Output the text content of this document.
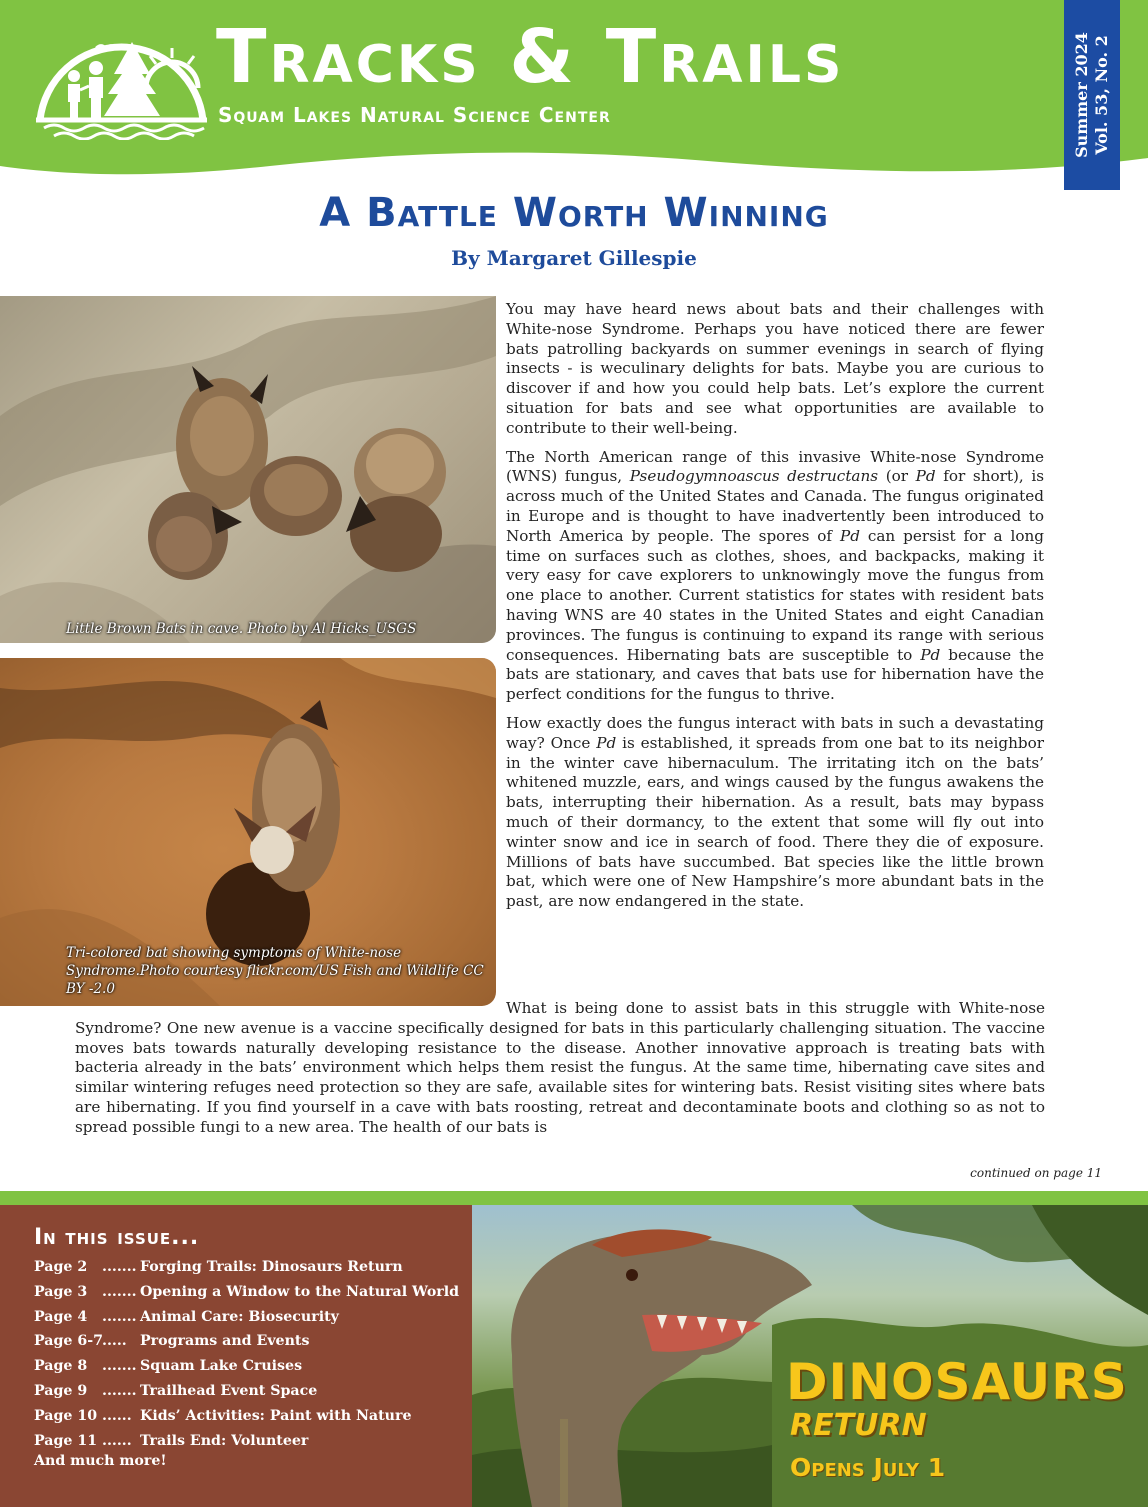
Tracks & Trails
Squam Lakes Natural Science Center	Summer 2024 Vol. 53, No. 2
A Battle Worth Winning
By Margaret Gillespie
Little Brown Bats in cave. Photo by Al Hicks_USGS
Tri-colored bat showing symptoms of White-nose Syndrome.Photo courtesy flickr.com/US Fish and Wildlife CC BY -2.0

You may have heard news about bats and their challenges with White-nose Syndrome. Perhaps you have noticed there are fewer bats patrolling backyards on summer evenings in search of flying insects - is weculinary delights for bats. Maybe you are curious to discover if and how you could help bats. Let’s explore the current situation for bats and see what opportunities are available to contribute to their well-being.

The North American range of this invasive White-nose Syndrome (WNS) fungus, Pseudogymnoascus destructans (or Pd for short), is across much of the United States and Canada. The fungus originated in Europe and is thought to have inadvertently been introduced to North America by people. The spores of Pd can persist for a long time on surfaces such as clothes, shoes, and backpacks, making it very easy for cave explorers to unknowingly move the fungus from one place to another. Current statistics for states with resident bats having WNS are 40 states in the United States and eight Canadian provinces. The fungus is continuing to expand its range with serious consequences. Hibernating bats are susceptible to Pd because the bats are stationary, and caves that bats use for hibernation have the perfect conditions for the fungus to thrive.

How exactly does the fungus interact with bats in such a devastating way? Once Pd is established, it spreads from one bat to its neighbor in the winter cave hibernaculum. The irritating itch on the bats’ whitened muzzle, ears, and wings caused by the fungus awakens the bats, interrupting their hibernation. As a result, bats may bypass much of their dormancy, to the extent that some will fly out into winter snow and ice in search of food. There they die of exposure. Millions of bats have succumbed. Bat species like the little brown bat, which were one of New Hampshire’s more abundant bats in the past, are now endangered in the state.

What is being done to assist bats in this struggle with White-nose Syndrome? One new avenue is a vaccine specifically designed for bats in this particularly challenging situation. The vaccine moves bats towards naturally developing resistance to the disease. Another innovative approach is treating bats with bacteria already in the bats’ environment which helps them resist the fungus. At the same time, hibernating cave sites and similar wintering refuges need protection so they are safe, available sites for wintering bats. Resist visiting sites where bats are hibernating. If you find yourself in a cave with bats roosting, retreat and decontaminate boots and clothing so as not to spread possible fungi to a new area. The health of our bats is

continued on page 11
In this issue...
Page 2 ....... Forging Trails: Dinosaurs Return
Page 3 ....... Opening a Window to the Natural World
Page 4 ....... Animal Care: Biosecurity
Page 6-7..... Programs and Events
Page 8 ....... Squam Lake Cruises
Page 9 ....... Trailhead Event Space
Page 10 ...... Kids’ Activities: Paint with Nature
Page 11 ...... Trails End: Volunteer
And much more!
DINOSAURS
RETURN
Opens July 1
